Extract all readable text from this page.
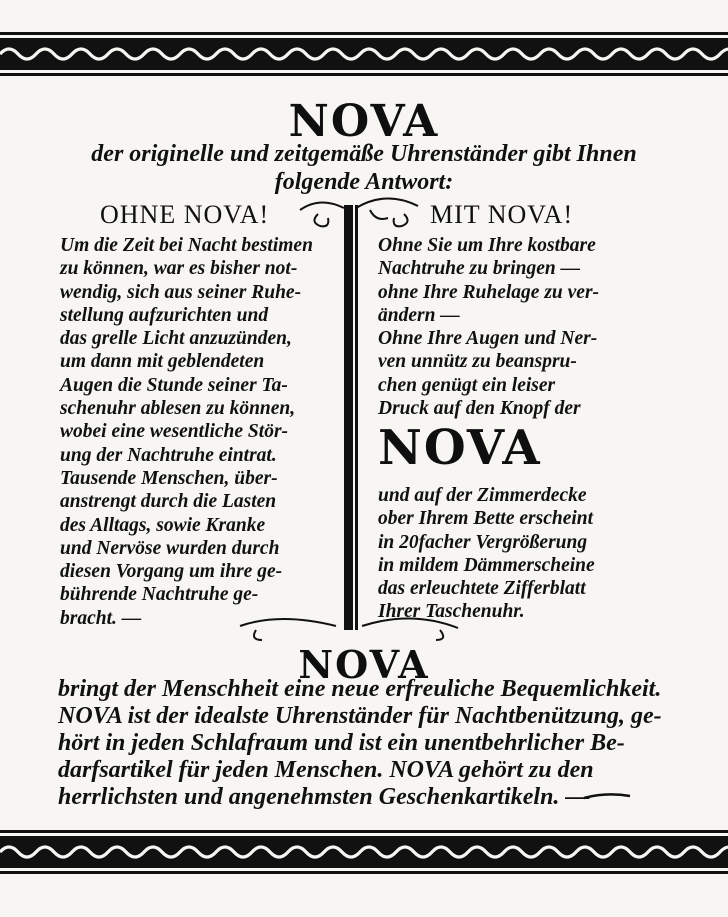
NOVA
der originelle und zeitgemäße Uhrenständer gibt Ihnen
folgende Antwort:
OHNE NOVA!	MIT NOVA!
Um die Zeit bei Nacht bestimen
zu können, war es bisher not-
wendig, sich aus seiner Ruhe-
stellung aufzurichten und
das grelle Licht anzuzünden,
um dann mit geblendeten
Augen die Stunde seiner Ta-
schenuhr ablesen zu können,
wobei eine wesentliche Stör-
ung der Nachtruhe eintrat.
Tausende Menschen, über-
anstrengt durch die Lasten
des Alltags, sowie Kranke
und Nervöse wurden durch
diesen Vorgang um ihre ge-
bührende Nachtruhe ge-
bracht. —
Ohne Sie um Ihre kostbare
Nachtruhe zu bringen —
ohne Ihre Ruhelage zu ver-
ändern —
Ohne Ihre Augen und Ner-
ven unnütz zu beanspru-
chen genügt ein leiser
Druck auf den Knopf der
NOVA
und auf der Zimmerdecke
ober Ihrem Bette erscheint
in 20facher Vergrößerung
in mildem Dämmerscheine
das erleuchtete Zifferblatt
Ihrer Taschenuhr.
NOVA
bringt der Menschheit eine neue erfreuliche Bequemlichkeit.
NOVA ist der idealste Uhrenständer für Nachtbenützung, ge-
hört in jeden Schlafraum und ist ein unentbehrlicher Be-
darfsartikel für jeden Menschen. NOVA gehört zu den
herrlichsten und angenehmsten Geschenkartikeln. —
